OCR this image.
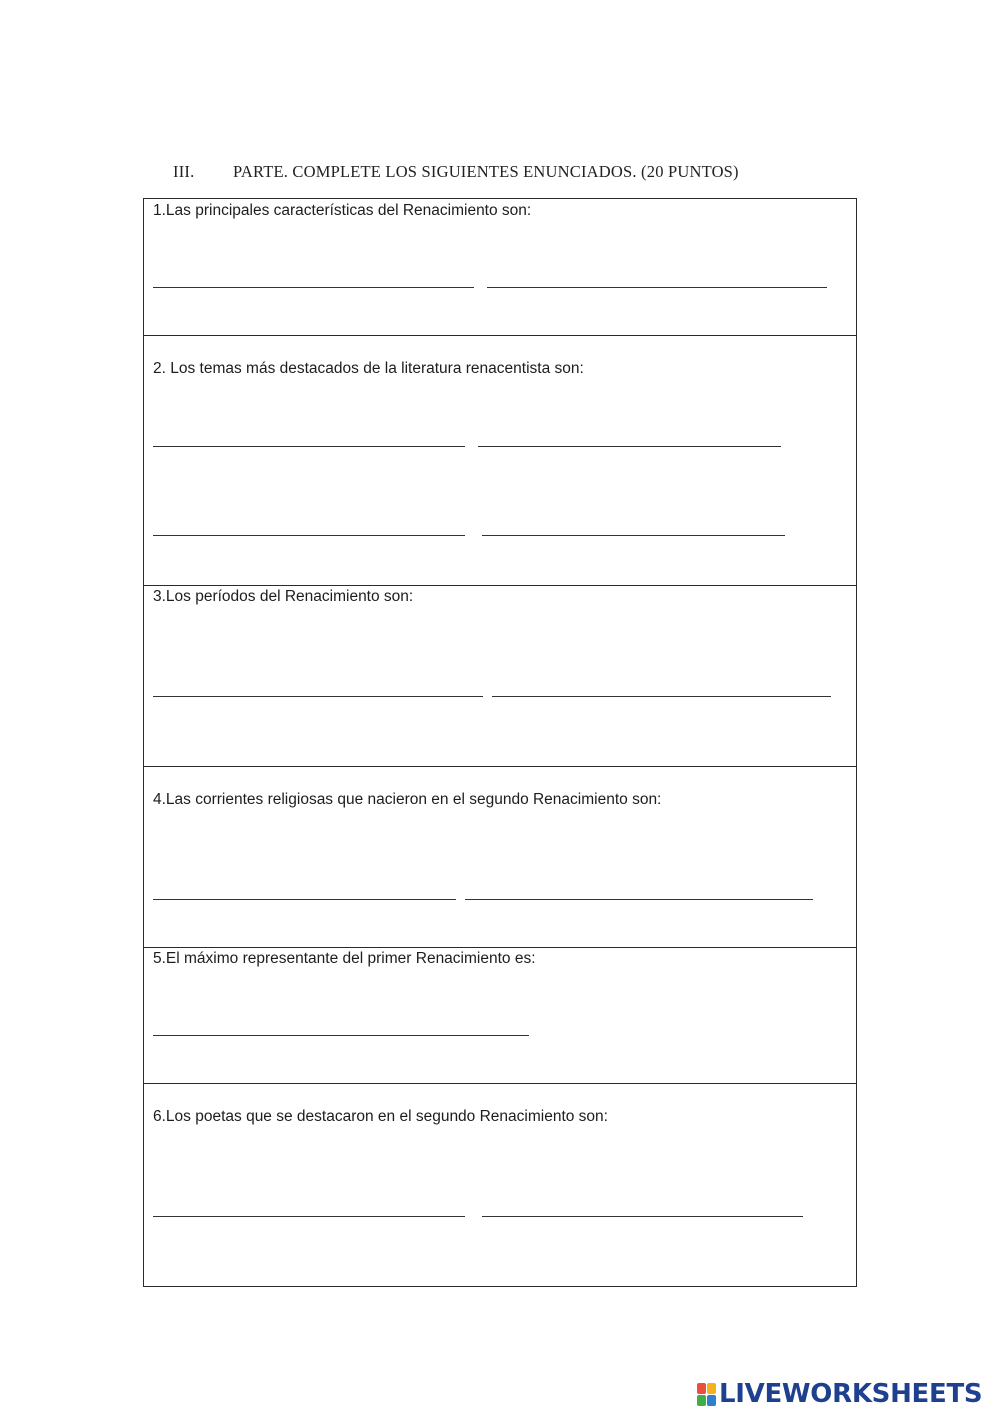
III. PARTE. COMPLETE LOS SIGUIENTES ENUNCIADOS. (20 PUNTOS)
1.Las principales características del Renacimiento son:
2. Los temas más destacados de la literatura renacentista son:
3.Los períodos del Renacimiento son:
4.Las corrientes religiosas que nacieron en el segundo Renacimiento son:
5.El máximo representante del primer Renacimiento es:
6.Los poetas que se destacaron en el segundo Renacimiento son:
LIVEWORKSHEETS
